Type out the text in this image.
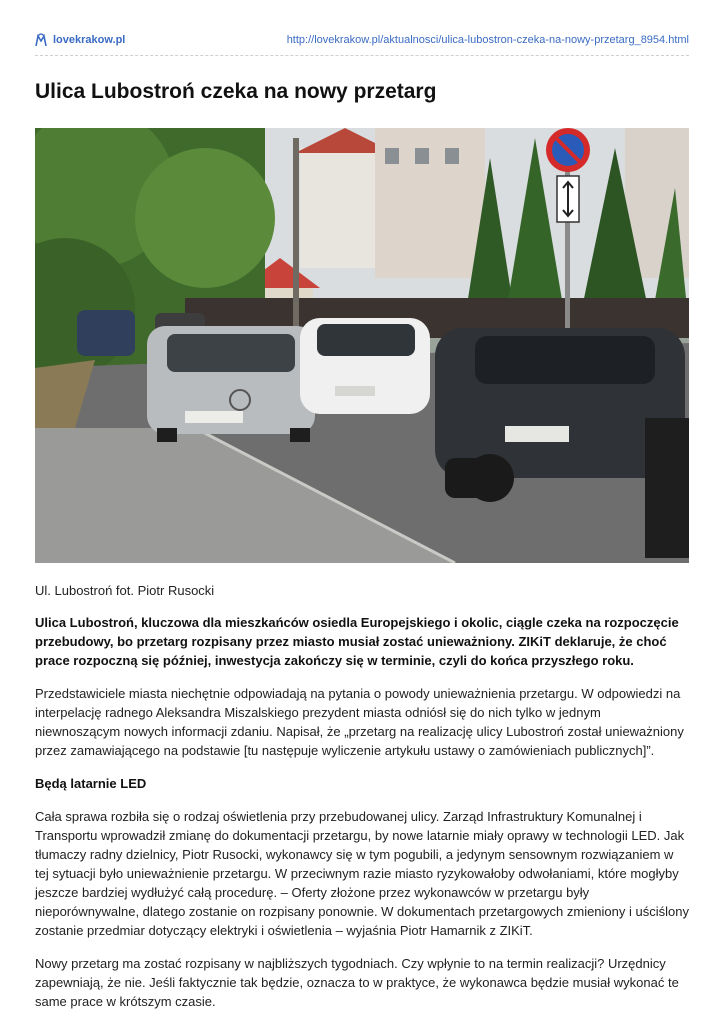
lovekrakow.pl	http://lovekrakow.pl/aktualnosci/ulica-lubostron-czeka-na-nowy-przetarg_8954.html
Ulica Lubostroń czeka na nowy przetarg
Ul. Lubostroń fot. Piotr Rusocki

Ulica Lubostroń, kluczowa dla mieszkańców osiedla Europejskiego i okolic, ciągle czeka na rozpoczęcie przebudowy, bo przetarg rozpisany przez miasto musiał zostać unieważniony. ZIKiT deklaruje, że choć prace rozpoczną się później, inwestycja zakończy się w terminie, czyli do końca przyszłego roku.

Przedstawiciele miasta niechętnie odpowiadają na pytania o powody unieważnienia przetargu. W odpowiedzi na interpelację radnego Aleksandra Miszalskiego prezydent miasta odniósł się do nich tylko w jednym niewnoszącym nowych informacji zdaniu. Napisał, że „przetarg na realizację ulicy Lubostroń został unieważniony przez zamawiającego na podstawie [tu następuje wyliczenie artykułu ustawy o zamówieniach publicznych]”.

Będą latarnie LED

Cała sprawa rozbiła się o rodzaj oświetlenia przy przebudowanej ulicy. Zarząd Infrastruktury Komunalnej i Transportu wprowadził zmianę do dokumentacji przetargu, by nowe latarnie miały oprawy w technologii LED. Jak tłumaczy radny dzielnicy, Piotr Rusocki, wykonawcy się w tym pogubili, a jedynym sensownym rozwiązaniem w tej sytuacji było unieważnienie przetargu. W przeciwnym razie miasto ryzykowałoby odwołaniami, które mogłyby jeszcze bardziej wydłużyć całą procedurę. – Oferty złożone przez wykonawców w przetargu były nieporównywalne, dlatego zostanie on rozpisany ponownie. W dokumentach przetargowych zmieniony i uściślony zostanie przedmiar dotyczący elektryki i oświetlenia – wyjaśnia Piotr Hamarnik z ZIKiT.

Nowy przetarg ma zostać rozpisany w najbliższych tygodniach. Czy wpłynie to na termin realizacji? Urzędnicy zapewniają, że nie. Jeśli faktycznie tak będzie, oznacza to w praktyce, że wykonawca będzie musiał wykonać te same prace w krótszym czasie.
